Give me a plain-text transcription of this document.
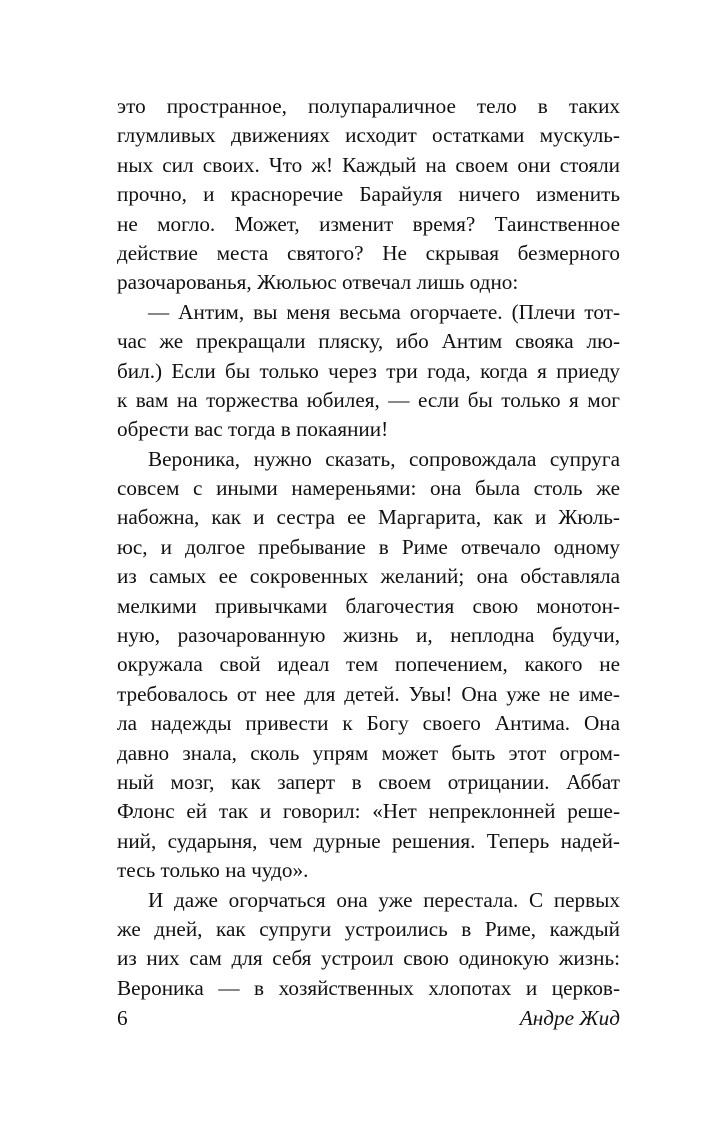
это пространное, полупараличное тело в таких
глумливых движениях исходит остатками мускуль-
ных сил своих. Что ж! Каждый на своем они стояли
прочно, и красноречие Барайуля ничего изменить
не могло. Может, изменит время? Таинственное
действие места святого? Не скрывая безмерного
разочарованья, Жюльюс отвечал лишь одно:
— Антим, вы меня весьма огорчаете. (Плечи тот-
час же прекращали пляску, ибо Антим свояка лю-
бил.) Если бы только через три года, когда я приеду
к вам на торжества юбилея, — если бы только я мог
обрести вас тогда в покаянии!
Вероника, нужно сказать, сопровождала супруга
совсем с иными намереньями: она была столь же
набожна, как и сестра ее Маргарита, как и Жюль-
юс, и долгое пребывание в Риме отвечало одному
из самых ее сокровенных желаний; она обставляла
мелкими привычками благочестия свою монотон-
ную, разочарованную жизнь и, неплодна будучи,
окружала свой идеал тем попечением, какого не
требовалось от нее для детей. Увы! Она уже не име-
ла надежды привести к Богу своего Антима. Она
давно знала, сколь упрям может быть этот огром-
ный мозг, как заперт в своем отрицании. Аббат
Флонс ей так и говорил: «Нет непреклонней реше-
ний, сударыня, чем дурные решения. Теперь надей-
тесь только на чудо».
И даже огорчаться она уже перестала. С первых
же дней, как супруги устроились в Риме, каждый
из них сам для себя устроил свою одинокую жизнь:
Вероника — в хозяйственных хлопотах и церков-
6	Андре Жид
